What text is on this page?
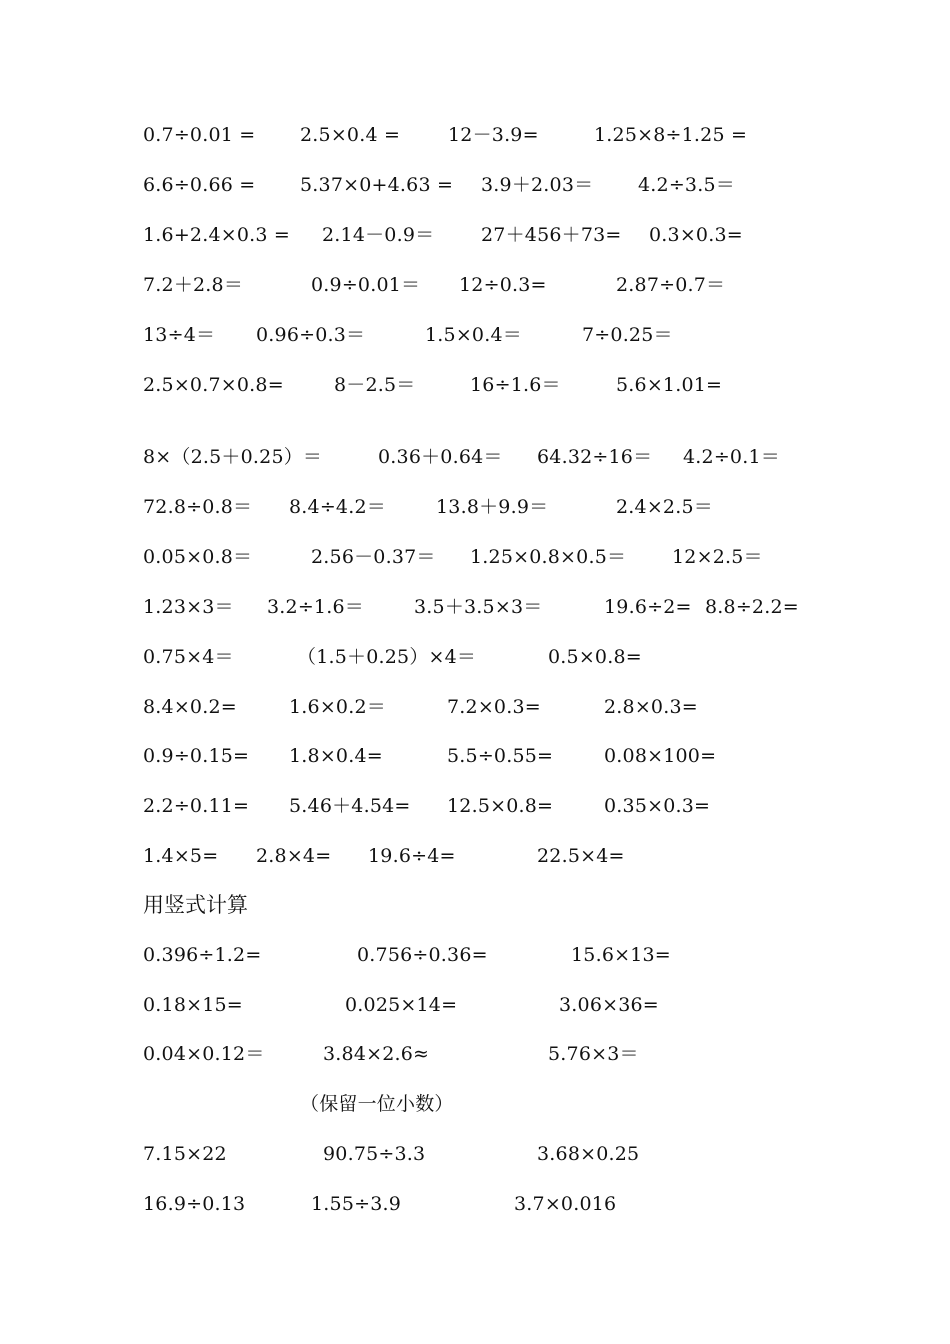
0.7÷0.01 = 2.5×0.4 =	12－3.9=	1.25×8÷1.25 =
6.6÷0.66 = 5.37×0+4.63 = 3.9＋2.03＝ 4.2÷3.5＝
1.6+2.4×0.3 = 2.14－0.9＝ 27＋456＋73= 0.3×0.3=
7.2＋2.8＝	0.9÷0.01＝ 12÷0.3=	2.87÷0.7＝
13÷4＝ 0.96÷0.3＝	1.5×0.4＝	7÷0.25＝
2.5×0.7×0.8=	8－2.5＝	16÷1.6＝	5.6×1.01=
8×（2.5＋0.25）＝	0.36＋0.64＝ 64.32÷16＝ 4.2÷0.1＝
72.8÷0.8＝ 8.4÷4.2＝	13.8＋9.9＝	2.4×2.5＝
0.05×0.8＝	2.56－0.37＝ 1.25×0.8×0.5＝ 12×2.5＝
1.23×3＝ 3.2÷1.6＝	3.5＋3.5×3＝	19.6÷2= 8.8÷2.2=
0.75×4＝	（1.5＋0.25）×4＝	0.5×0.8=
8.4×0.2=	1.6×0.2＝	7.2×0.3=	2.8×0.3=
0.9÷0.15= 1.8×0.4=	5.5÷0.55=	0.08×100=
2.2÷0.11= 5.46＋4.54= 12.5×0.8=	0.35×0.3=
1.4×5= 2.8×4= 19.6÷4=	22.5×4=
用竖式计算
0.396÷1.2=	0.756÷0.36=	15.6×13=
0.18×15=	0.025×14=	3.06×36=
0.04×0.12＝	3.84×2.6≈	5.76×3＝
（保留一位小数）
7.15×22	90.75÷3.3	3.68×0.25
16.9÷0.13	1.55÷3.9	3.7×0.016
